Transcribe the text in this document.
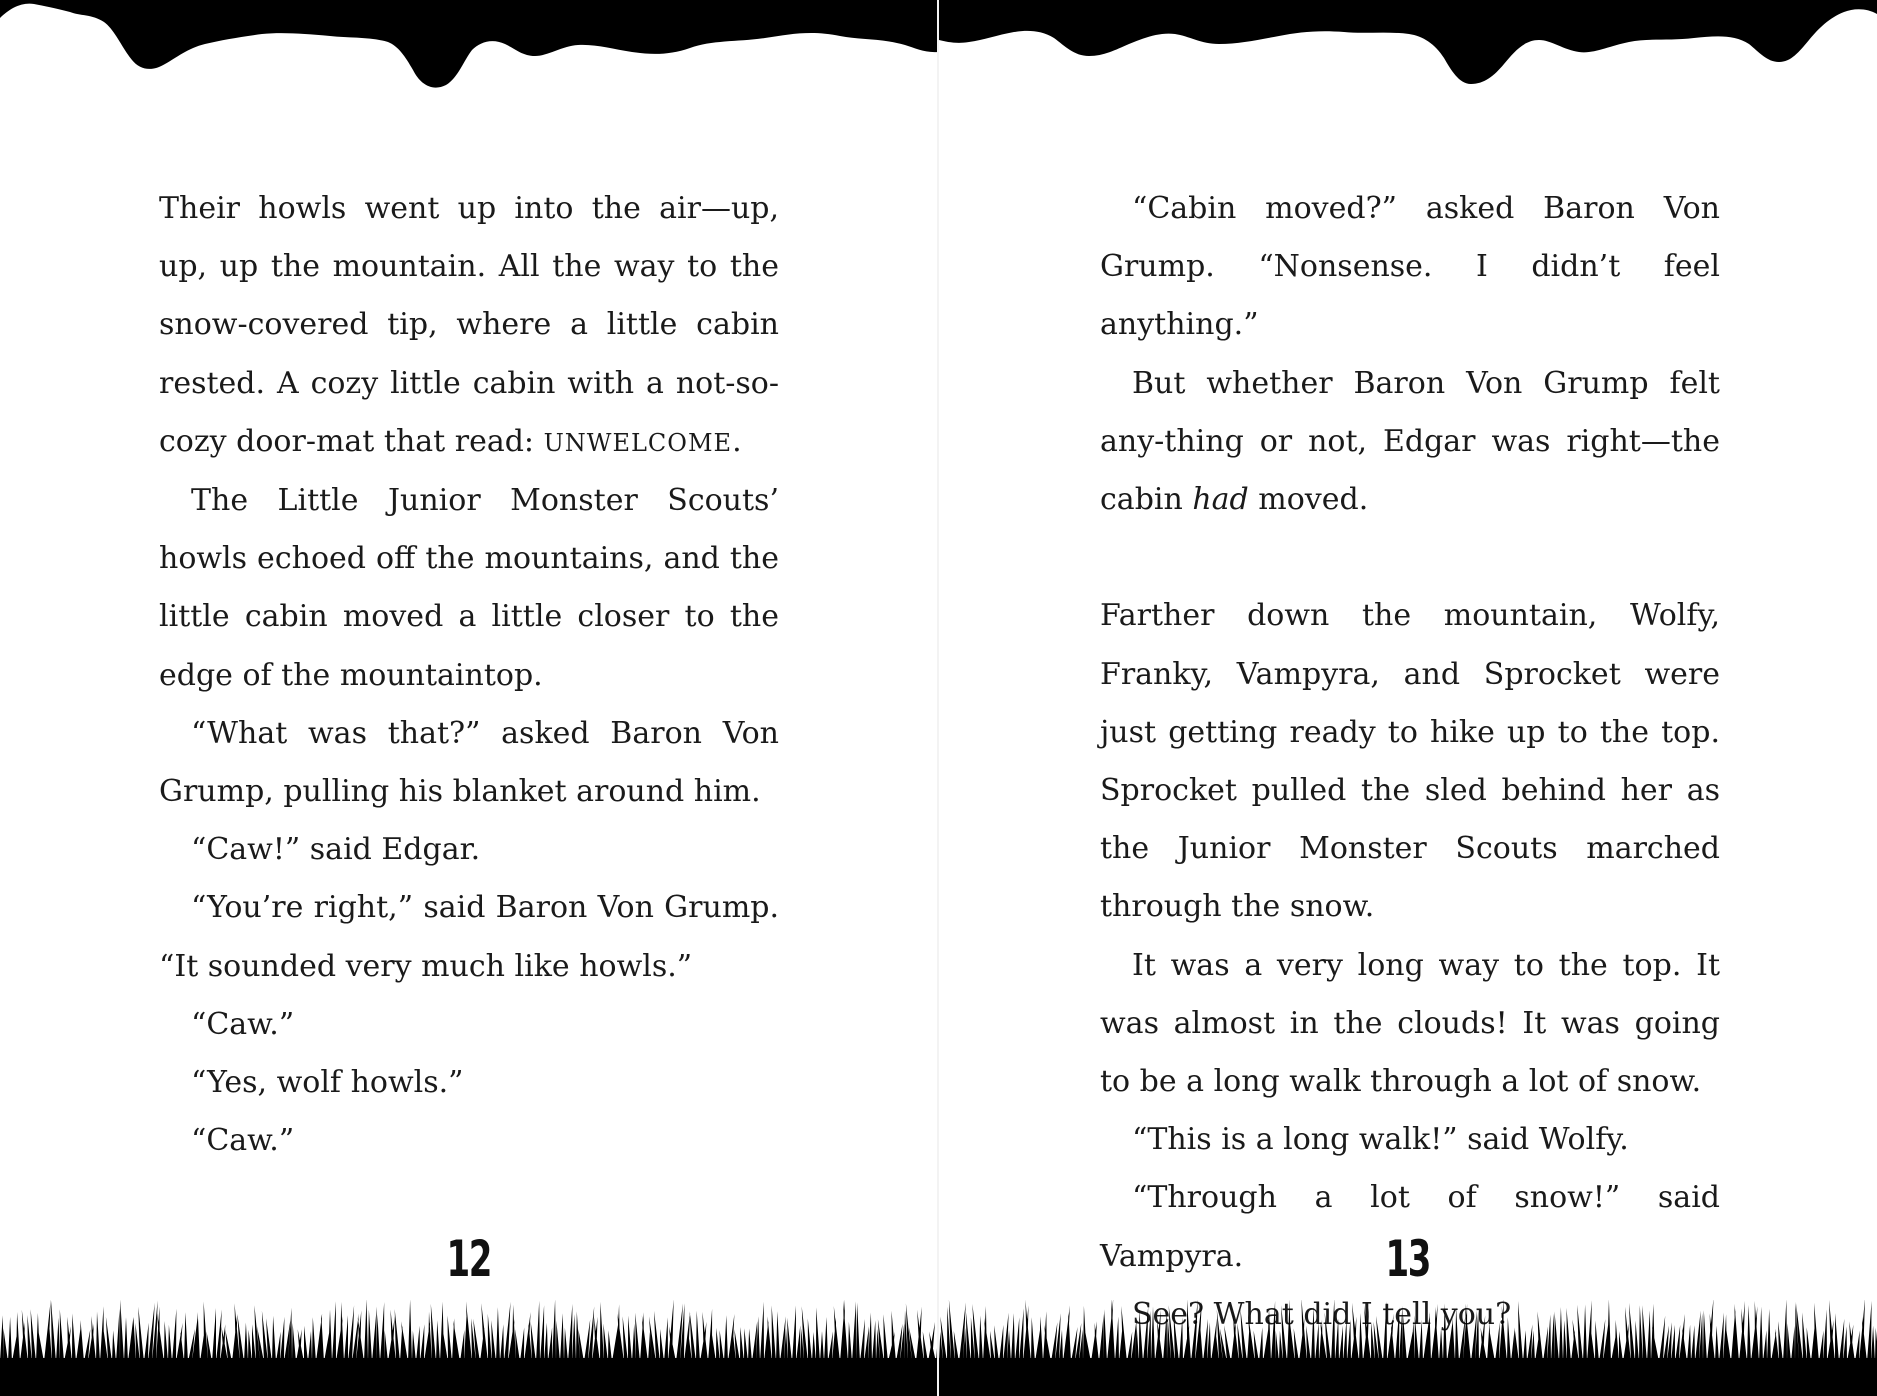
Their howls went up into the air—up, up, up the mountain. All the way to the snow-covered tip, where a little cabin rested. A cozy little cabin with a not-so-cozy door-mat that read: UNWELCOME.

The Little Junior Monster Scouts’ howls echoed off the mountains, and the little cabin moved a little closer to the edge of the mountaintop.

“What was that?” asked Baron Von Grump, pulling his blanket around him.

“Caw!” said Edgar.

“You’re right,” said Baron Von Grump. “It sounded very much like howls.”

“Caw.”

“Yes, wolf howls.”

“Caw.”

12

“Cabin moved?” asked Baron Von Grump. “Nonsense. I didn’t feel anything.”

But whether Baron Von Grump felt any-thing or not, Edgar was right—the cabin had moved.

Farther down the mountain, Wolfy, Franky, Vampyra, and Sprocket were just getting ready to hike up to the top. Sprocket pulled the sled behind her as the Junior Monster Scouts marched through the snow.

It was a very long way to the top. It was almost in the clouds! It was going to be a long walk through a lot of snow.

“This is a long walk!” said Wolfy.

“Through a lot of snow!” said Vampyra.

See? What did I tell you?

13
